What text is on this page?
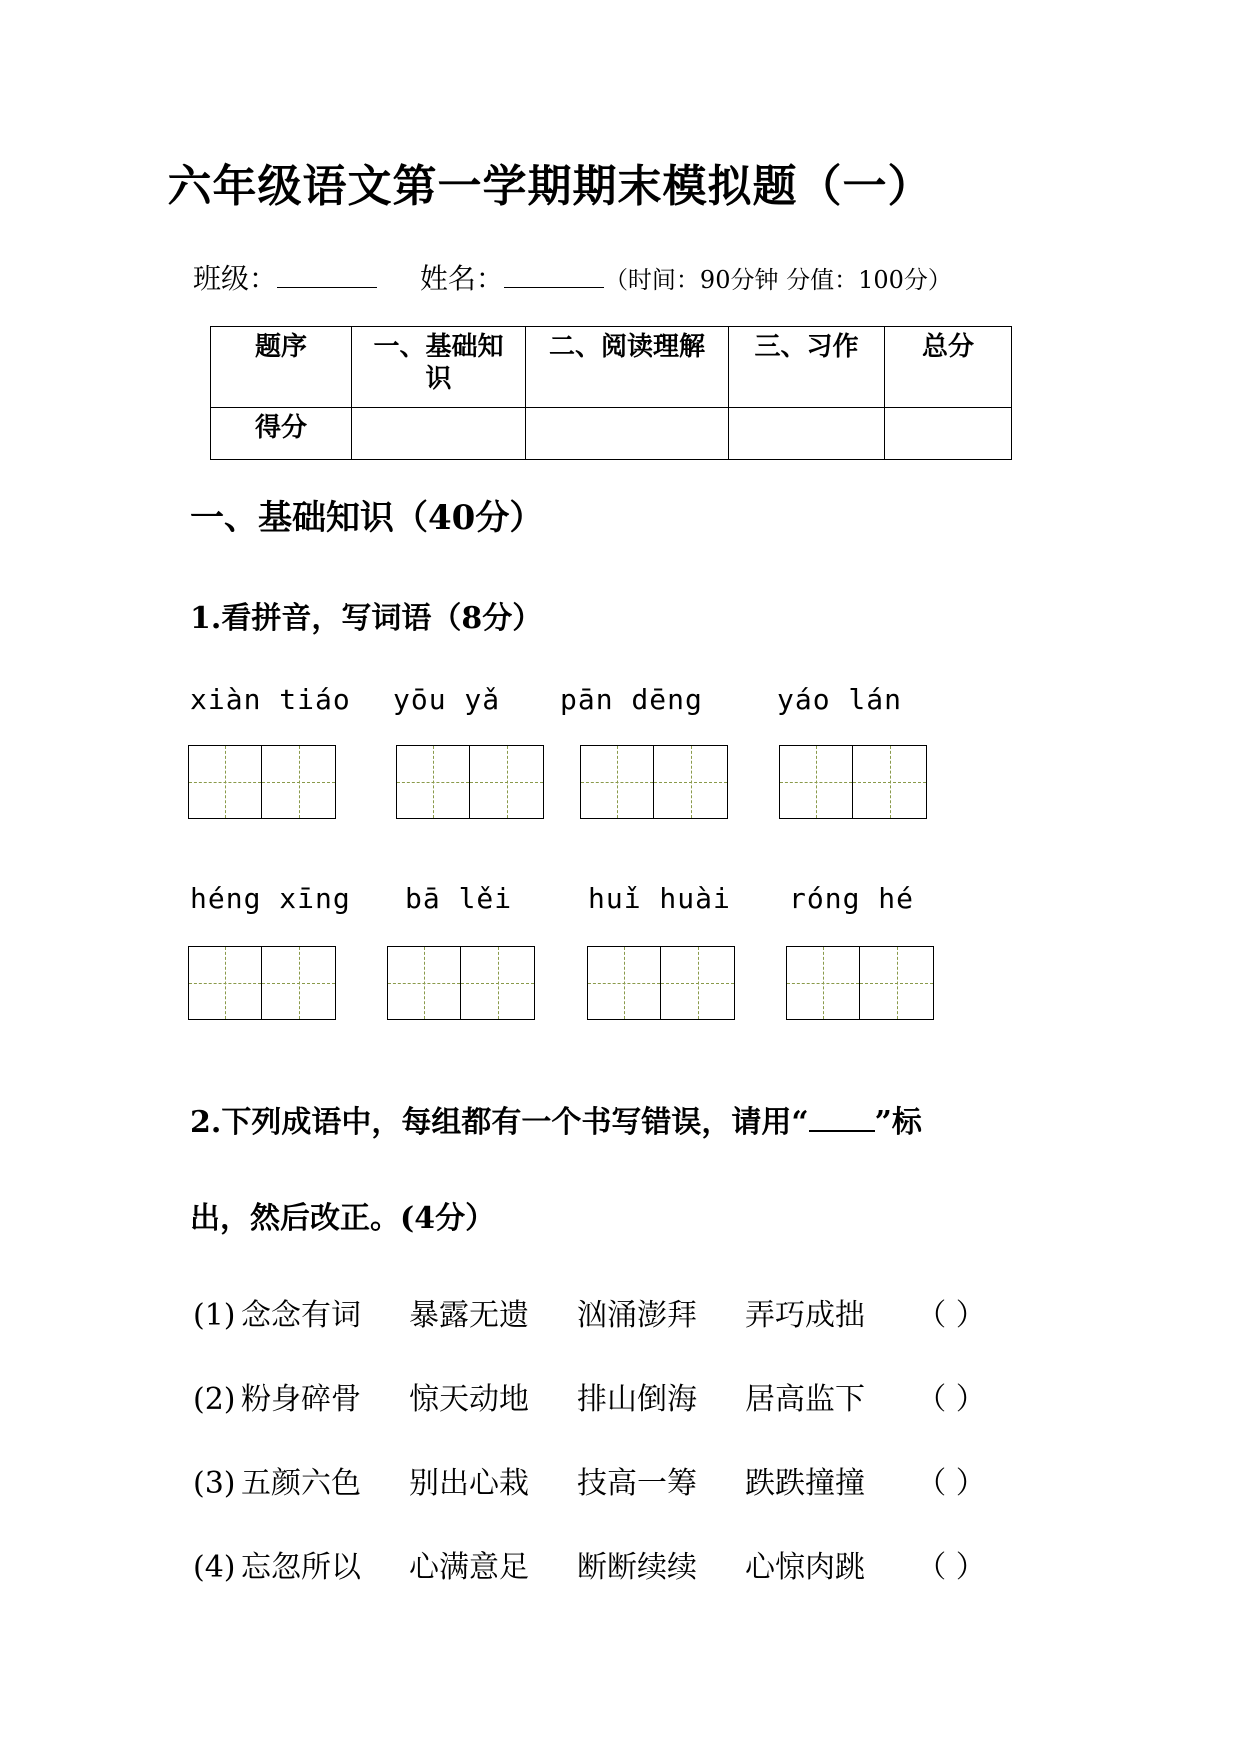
六年级语文第一学期期末模拟题（一）
班级：	姓名：	（时间：90分钟 分值：100分）
题序	一、基础知识	二、阅读理解	三、习作	总分
得分				
一、基础知识（40分）
1.看拼音，写词语（8分）
xiàn tiáo yōu yǎ pān dēng	yáo lán
héng xīng bā lěi	huǐ huài róng hé
2.下列成语中，每组都有一个书写错误，请用“ ”标
出，然后改正。(4分）
(1) 念念有词 暴露无遗 汹涌澎拜 弄巧成拙 （ ）
(2) 粉身碎骨 惊天动地 排山倒海 居高监下 （ ）
(3) 五颜六色 别出心栽 技高一筹 跌跌撞撞 （ ）
(4) 忘忽所以 心满意足 断断续续 心惊肉跳 （ ）
